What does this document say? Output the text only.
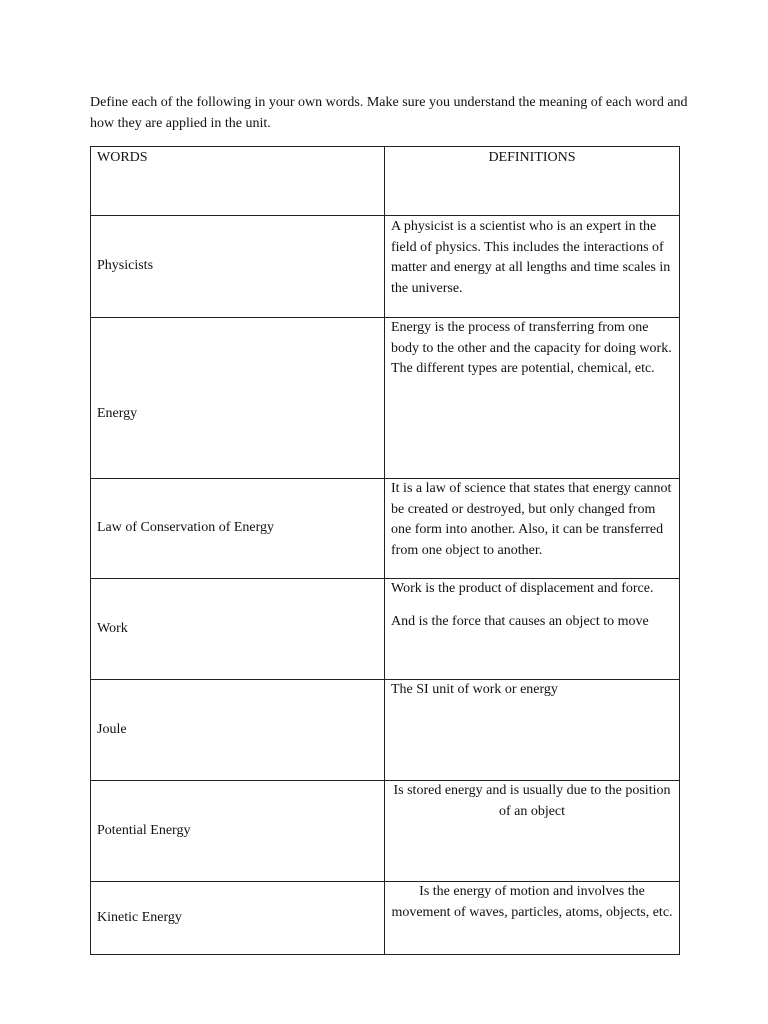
Define each of the following in your own words. Make sure you understand the meaning of each word and how they are applied in the unit.
WORDS	DEFINITIONS
Physicists	A physicist is a scientist who is an expert in the field of physics. This includes the interactions of matter and energy at all lengths and time scales in the universe.

Energy	Energy is the process of transferring from one body to the other and the capacity for doing work. The different types are potential, chemical, etc.

Law of Conservation of Energy	It is a law of science that states that energy cannot be created or destroyed, but only changed from one form into another. Also, it can be transferred from one object to another.

Work	Work is the product of displacement and force.

And is the force that causes an object to move

Joule	The SI unit of work or energy

Potential Energy	Is stored energy and is usually due to the position of an object

Kinetic Energy	Is the energy of motion and involves the movement of waves, particles, atoms, objects, etc.
